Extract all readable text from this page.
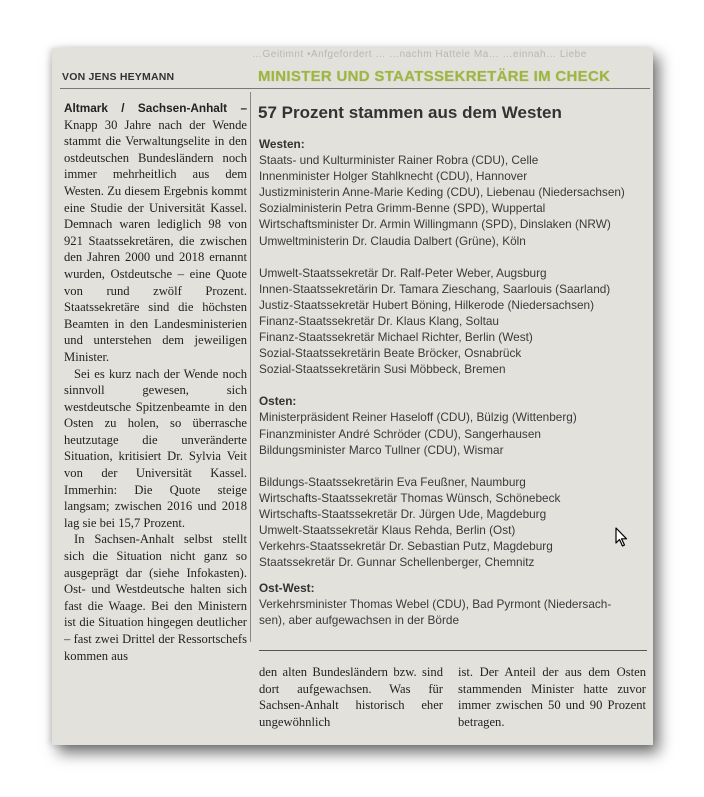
…Geitimnt •Anfgefordert … …nachm Hattele Ma… …einnah… Liebe
VON JENS HEYMANN	MINISTER UND STAATSSEKRETÄRE IM CHECK
57 Prozent stammen aus dem Westen

Altmark / Sachsen-Anhalt – Knapp 30 Jahre nach der Wende stammt die Verwaltungselite in den ostdeutschen Bundesländern noch immer mehrheitlich aus dem Westen. Zu diesem Ergebnis kommt eine Studie der Universität Kassel. Demnach waren lediglich 98 von 921 Staatssekretären, die zwischen den Jahren 2000 und 2018 ernannt wurden, Ostdeutsche – eine Quote von rund zwölf Prozent. Staatssekretäre sind die höchsten Beamten in den Landesministerien und unterstehen dem jeweiligen Minister.

Sei es kurz nach der Wende noch sinnvoll gewesen, sich westdeutsche Spitzenbeamte in den Osten zu holen, so überrasche heutzutage die unveränderte Situation, kritisiert Dr. Sylvia Veit von der Universität Kassel. Immerhin: Die Quote steige langsam; zwischen 2016 und 2018 lag sie bei 15,7 Prozent.

In Sachsen-Anhalt selbst stellt sich die Situation nicht ganz so ausgeprägt dar (siehe Infokasten). Ost- und Westdeutsche halten sich fast die Waage. Bei den Ministern ist die Situation hingegen deutlicher – fast zwei Drittel der Ressortschefs kommen aus

Westen:
Staats- und Kulturminister Rainer Robra (CDU), Celle
Innenminister Holger Stahlknecht (CDU), Hannover
Justizministerin Anne-Marie Keding (CDU), Liebenau (Niedersachsen)
Sozialministerin Petra Grimm-Benne (SPD), Wuppertal
Wirtschaftsminister Dr. Armin Willingmann (SPD), Dinslaken (NRW)
Umweltministerin Dr. Claudia Dalbert (Grüne), Köln
Umwelt-Staatssekretär Dr. Ralf-Peter Weber, Augsburg
Innen-Staatssekretärin Dr. Tamara Zieschang, Saarlouis (Saarland)
Justiz-Staatssekretär Hubert Böning, Hilkerode (Niedersachsen)
Finanz-Staatssekretär Dr. Klaus Klang, Soltau
Finanz-Staatssekretär Michael Richter, Berlin (West)
Sozial-Staatssekretärin Beate Bröcker, Osnabrück
Sozial-Staatssekretärin Susi Möbbeck, Bremen
Osten:
Ministerpräsident Reiner Haseloff (CDU), Bülzig (Wittenberg)
Finanzminister André Schröder (CDU), Sangerhausen
Bildungsminister Marco Tullner (CDU), Wismar
Bildungs-Staatssekretärin Eva Feußner, Naumburg
Wirtschafts-Staatssekretär Thomas Wünsch, Schönebeck
Wirtschafts-Staatssekretär Dr. Jürgen Ude, Magdeburg
Umwelt-Staatssekretär Klaus Rehda, Berlin (Ost)
Verkehrs-Staatssekretär Dr. Sebastian Putz, Magdeburg
Staatssekretär Dr. Gunnar Schellenberger, Chemnitz
Ost-West:
Verkehrsminister Thomas Webel (CDU), Bad Pyrmont (Niedersach-
sen), aber aufgewachsen in der Börde
den alten Bundesländern bzw. sind dort aufgewachsen. Was für Sachsen-Anhalt historisch eher ungewöhnlich
ist. Der Anteil der aus dem Osten stammenden Minister hatte zuvor immer zwischen 50 und 90 Prozent betragen.
